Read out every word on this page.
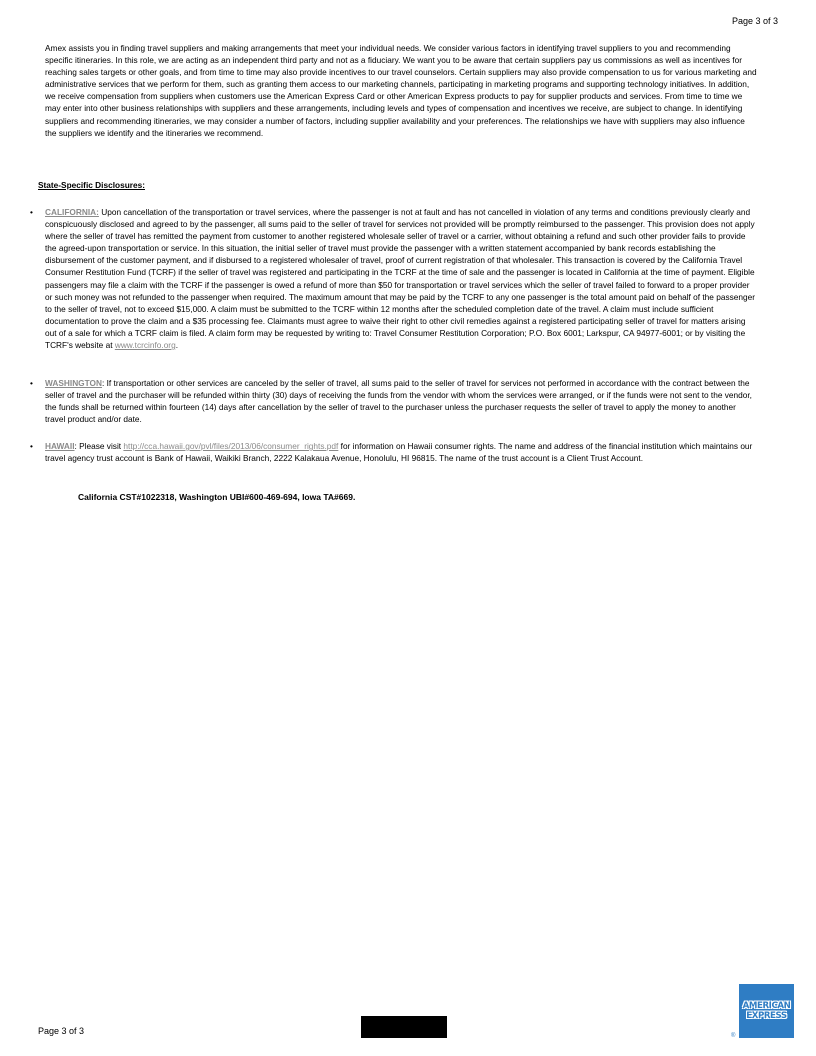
Page 3 of 3

Amex assists you in finding travel suppliers and making arrangements that meet your individual needs. We consider various factors in identifying travel suppliers to you and recommending specific itineraries. In this role, we are acting as an independent third party and not as a fiduciary. We want you to be aware that certain suppliers pay us commissions as well as incentives for reaching sales targets or other goals, and from time to time may also provide incentives to our travel counselors. Certain suppliers may also provide compensation to us for various marketing and administrative services that we perform for them, such as granting them access to our marketing channels, participating in marketing programs and supporting technology initiatives. In addition, we receive compensation from suppliers when customers use the American Express Card or other American Express products to pay for supplier products and services. From time to time we may enter into other business relationships with suppliers and these arrangements, including levels and types of compensation and incentives we receive, are subject to change. In identifying suppliers and recommending itineraries, we may consider a number of factors, including supplier availability and your preferences. The relationships we have with suppliers may also influence the suppliers we identify and the itineraries we recommend.

State-Specific Disclosures:
• CALIFORNIA: Upon cancellation of the transportation or travel services, where the passenger is not at fault and has not cancelled in violation of any terms and conditions previously clearly and conspicuously disclosed and agreed to by the passenger, all sums paid to the seller of travel for services not provided will be promptly reimbursed to the passenger. This provision does not apply where the seller of travel has remitted the payment from customer to another registered wholesale seller of travel or a carrier, without obtaining a refund and such other provider fails to provide the agreed-upon transportation or service. In this situation, the initial seller of travel must provide the passenger with a written statement accompanied by bank records establishing the disbursement of the customer payment, and if disbursed to a registered wholesaler of travel, proof of current registration of that wholesaler. This transaction is covered by the California Travel Consumer Restitution Fund (TCRF) if the seller of travel was registered and participating in the TCRF at the time of sale and the passenger is located in California at the time of payment. Eligible passengers may file a claim with the TCRF if the passenger is owed a refund of more than $50 for transportation or travel services which the seller of travel failed to forward to a proper provider or such money was not refunded to the passenger when required. The maximum amount that may be paid by the TCRF to any one passenger is the total amount paid on behalf of the passenger to the seller of travel, not to exceed $15,000. A claim must be submitted to the TCRF within 12 months after the scheduled completion date of the travel. A claim must include sufficient documentation to prove the claim and a $35 processing fee. Claimants must agree to waive their right to other civil remedies against a registered participating seller of travel for matters arising out of a sale for which a TCRF claim is filed. A claim form may be requested by writing to: Travel Consumer Restitution Corporation; P.O. Box 6001; Larkspur, CA 94977-6001; or by visiting the TCRF's website at www.tcrcinfo.org.

• WASHINGTON: If transportation or other services are canceled by the seller of travel, all sums paid to the seller of travel for services not performed in accordance with the contract between the seller of travel and the purchaser will be refunded within thirty (30) days of receiving the funds from the vendor with whom the services were arranged, or if the funds were not sent to the vendor, the funds shall be returned within fourteen (14) days after cancellation by the seller of travel to the purchaser unless the purchaser requests the seller of travel to apply the money to another travel product and/or date.

• HAWAII: Please visit http://cca.hawaii.gov/pvl/files/2013/06/consumer_rights.pdf for information on Hawaii consumer rights. The name and address of the financial institution which maintains our travel agency trust account is Bank of Hawaii, Waikiki Branch, 2222 Kalakaua Avenue, Honolulu, HI 96815. The name of the trust account is a Client Trust Account.

California CST#1022318, Washington UBI#600-469-694, Iowa TA#669.
Page 3 of 3
AMERICAN
EXPRESS
®
